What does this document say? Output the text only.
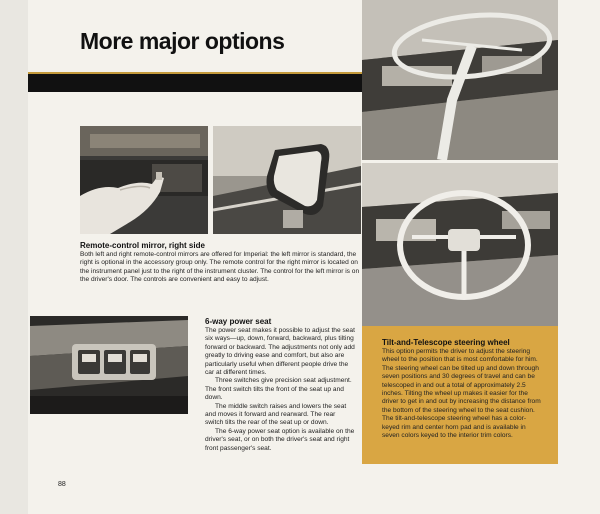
More major options
Remote-control mirror, right side

Both left and right remote-control mirrors are offered for Imperial: the left mirror is standard, the right is optional in the accessory group only. The remote control for the right mirror is located on the instrument panel just to the right of the instrument cluster. The control for the left mirror is on the driver's door. The controls are convenient and easy to adjust.

6-way power seat

The power seat makes it possible to adjust the seat six ways—up, down, forward, backward, plus tilting forward or backward. The adjustments not only add greatly to driving ease and comfort, but also are particularly useful when different people drive the car at different times.

Three switches give precision seat adjustment. The front switch tilts the front of the seat up and down.

The middle switch raises and lowers the seat and moves it forward and rearward. The rear switch tilts the rear of the seat up or down.

The 6-way power seat option is available on the driver's seat, or on both the driver's seat and right front passenger's seat.

Tilt-and-Telescope steering wheel

This option permits the driver to adjust the steering wheel to the position that is most comfortable for him. The steering wheel can be tilted up and down through seven positions and 30 degrees of travel and can be telescoped in and out a total of approximately 2.5 inches. Tilting the wheel up makes it easier for the driver to get in and out by increasing the distance from the bottom of the steering wheel to the seat cushion. The tilt-and-telescope steering wheel has a color-keyed rim and center horn pad and is available in seven colors keyed to the interior trim colors.

88
